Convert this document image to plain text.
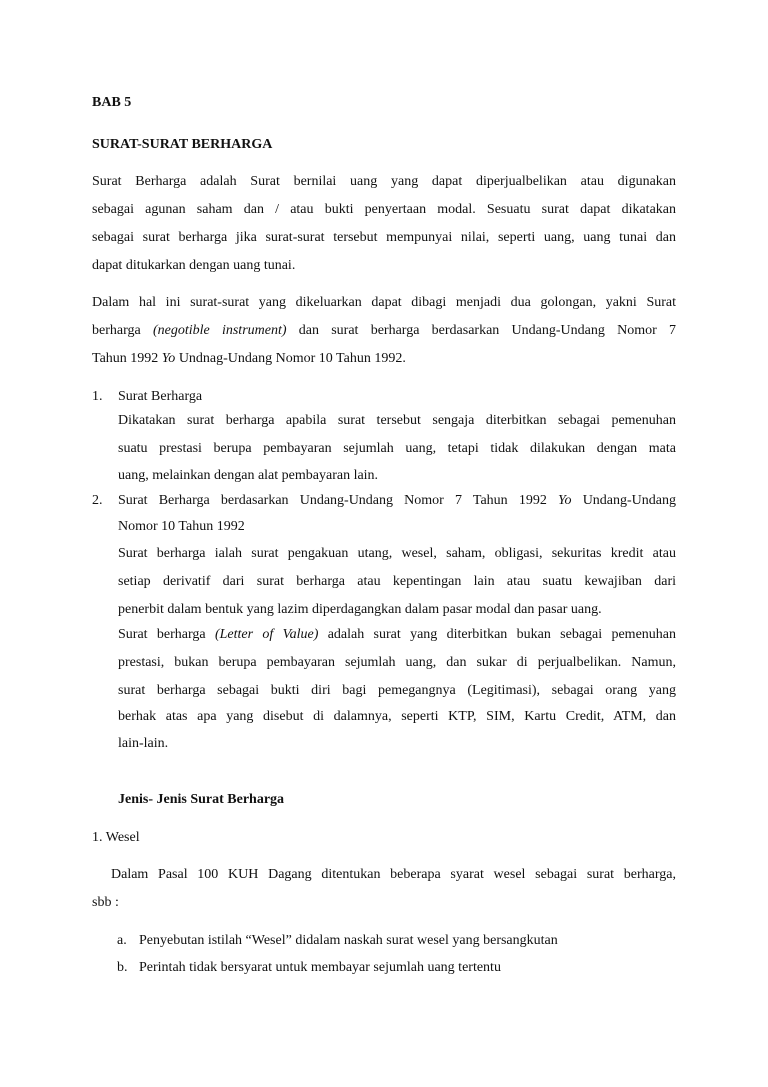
BAB 5
SURAT-SURAT BERHARGA
Surat Berharga adalah Surat bernilai uang yang dapat diperjualbelikan atau digunakan
sebagai agunan saham dan / atau bukti penyertaan modal. Sesuatu surat dapat dikatakan
sebagai surat berharga jika surat-surat tersebut mempunyai nilai, seperti uang, uang tunai dan
dapat ditukarkan dengan uang tunai.
Dalam hal ini surat-surat yang dikeluarkan dapat dibagi menjadi dua golongan, yakni Surat
berharga (negotible instrument) dan surat berharga berdasarkan Undang-Undang Nomor 7
Tahun 1992 Yo Undnag-Undang Nomor 10 Tahun 1992.
1. Surat Berharga
Dikatakan surat berharga apabila surat tersebut sengaja diterbitkan sebagai pemenuhan
suatu prestasi berupa pembayaran sejumlah uang, tetapi tidak dilakukan dengan mata
uang, melainkan dengan alat pembayaran lain.
2. Surat Berharga berdasarkan Undang-Undang Nomor 7 Tahun 1992 Yo Undang-Undang
Nomor 10 Tahun 1992
Surat berharga ialah surat pengakuan utang, wesel, saham, obligasi, sekuritas kredit atau
setiap derivatif dari surat berharga atau kepentingan lain atau suatu kewajiban dari
penerbit dalam bentuk yang lazim diperdagangkan dalam pasar modal dan pasar uang.
Surat berharga (Letter of Value) adalah surat yang diterbitkan bukan sebagai pemenuhan
prestasi, bukan berupa pembayaran sejumlah uang, dan sukar di perjualbelikan. Namun,
surat berharga sebagai bukti diri bagi pemegangnya (Legitimasi), sebagai orang yang
berhak atas apa yang disebut di dalamnya, seperti KTP, SIM, Kartu Credit, ATM, dan
lain-lain.
Jenis- Jenis Surat Berharga
1. Wesel
Dalam Pasal 100 KUH Dagang ditentukan beberapa syarat wesel sebagai surat berharga,
sbb :
a. Penyebutan istilah “Wesel” didalam naskah surat wesel yang bersangkutan
b. Perintah tidak bersyarat untuk membayar sejumlah uang tertentu
